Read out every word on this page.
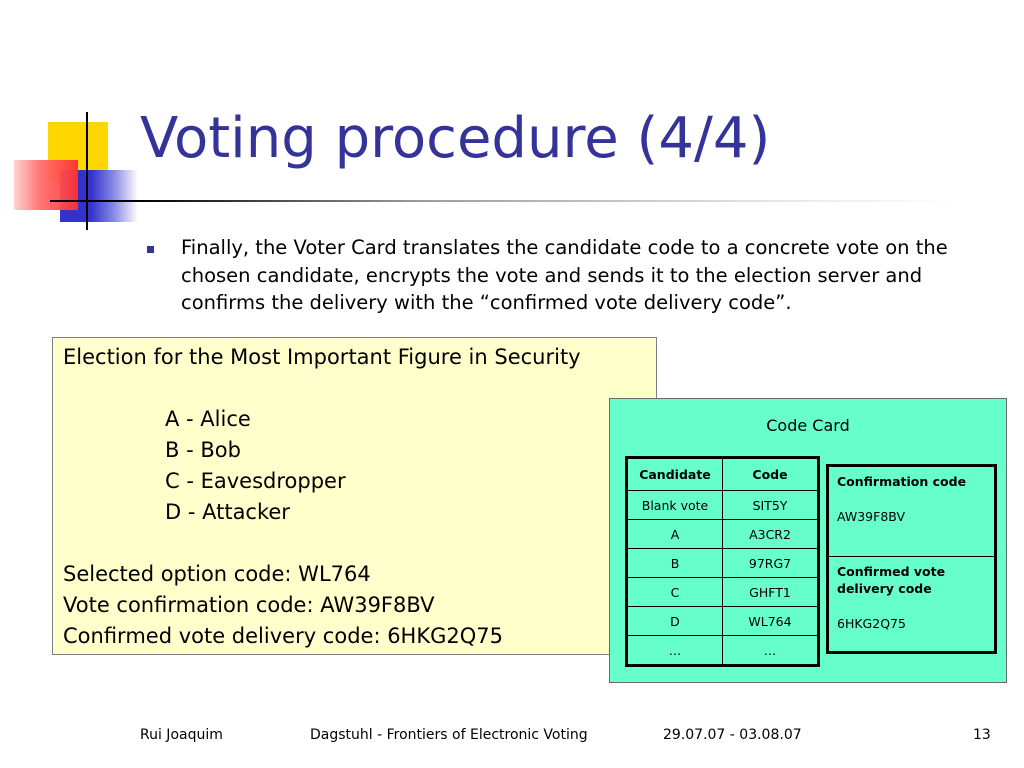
Voting procedure (4/4)

Finally, the Voter Card translates the candidate code to a concrete vote on the chosen candidate, encrypts the vote and sends it to the election server and confirms the delivery with the “confirmed vote delivery code”.

Election for the Most Important Figure in Security
A - Alice
B - Bob
C - Eavesdropper
D - Attacker
Selected option code: WL764
Vote confirmation code: AW39F8BV
Confirmed vote delivery code: 6HKG2Q75
Code Card
Candidate	Code
Blank vote	SIT5Y
A	A3CR2
B	97RG7
C	GHFT1
D	WL764
…	…
Confirmation code
AW39F8BV
Confirmed vote delivery code
6HKG2Q75
Rui Joaquim	Dagstuhl - Frontiers of Electronic Voting	29.07.07 - 03.08.07	13
